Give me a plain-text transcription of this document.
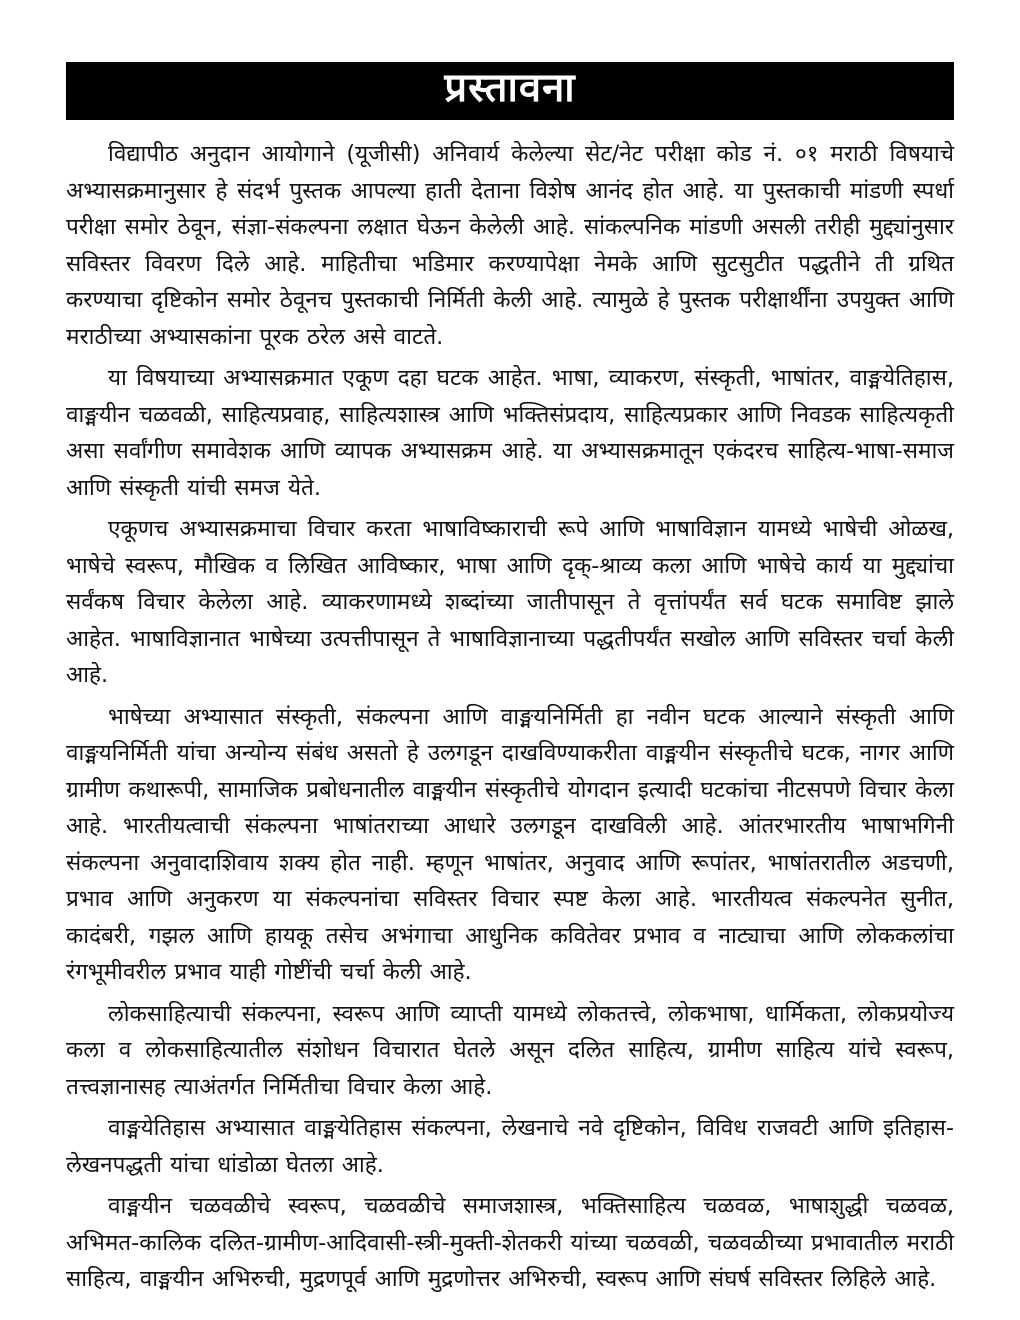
प्रस्तावना

विद्यापीठ अनुदान आयोगाने (यूजीसी) अनिवार्य केलेल्या सेट/नेट परीक्षा कोड नं. ०१ मराठी विषयाचे अभ्यासक्रमानुसार हे संदर्भ पुस्तक आपल्या हाती देताना विशेष आनंद होत आहे. या पुस्तकाची मांडणी स्पर्धा परीक्षा समोर ठेवून, संज्ञा-संकल्पना लक्षात घेऊन केलेली आहे. सांकल्पनिक मांडणी असली तरीही मुद्द्यांनुसार सविस्तर विवरण दिले आहे. माहितीचा भडिमार करण्यापेक्षा नेमके आणि सुटसुटीत पद्धतीने ती ग्रथित करण्याचा दृष्टिकोन समोर ठेवूनच पुस्तकाची निर्मिती केली आहे. त्यामुळे हे पुस्तक परीक्षार्थींना उपयुक्त आणि मराठीच्या अभ्यासकांना पूरक ठरेल असे वाटते.

या विषयाच्या अभ्यासक्रमात एकूण दहा घटक आहेत. भाषा, व्याकरण, संस्कृती, भाषांतर, वाङ्मयेतिहास, वाङ्मयीन चळवळी, साहित्यप्रवाह, साहित्यशास्त्र आणि भक्तिसंप्रदाय, साहित्यप्रकार आणि निवडक साहित्यकृती असा सर्वांगीण समावेशक आणि व्यापक अभ्यासक्रम आहे. या अभ्यासक्रमातून एकंदरच साहित्य-भाषा-समाज आणि संस्कृती यांची समज येते.

एकूणच अभ्यासक्रमाचा विचार करता भाषाविष्काराची रूपे आणि भाषाविज्ञान यामध्ये भाषेची ओळख, भाषेचे स्वरूप, मौखिक व लिखित आविष्कार, भाषा आणि दृक्-श्राव्य कला आणि भाषेचे कार्य या मुद्द्यांचा सर्वंकष विचार केलेला आहे. व्याकरणामध्ये शब्दांच्या जातीपासून ते वृत्तांपर्यंत सर्व घटक समाविष्ट झाले आहेत. भाषाविज्ञानात भाषेच्या उत्पत्तीपासून ते भाषाविज्ञानाच्या पद्धतीपर्यंत सखोल आणि सविस्तर चर्चा केली आहे.

भाषेच्या अभ्यासात संस्कृती, संकल्पना आणि वाङ्मयनिर्मिती हा नवीन घटक आल्याने संस्कृती आणि वाङ्मयनिर्मिती यांचा अन्योन्य संबंध असतो हे उलगडून दाखविण्याकरीता वाङ्मयीन संस्कृतीचे घटक, नागर आणि ग्रामीण कथारूपी, सामाजिक प्रबोधनातील वाङ्मयीन संस्कृतीचे योगदान इत्यादी घटकांचा नीटसपणे विचार केला आहे. भारतीयत्वाची संकल्पना भाषांतराच्या आधारे उलगडून दाखविली आहे. आंतरभारतीय भाषाभगिनी संकल्पना अनुवादाशिवाय शक्य होत नाही. म्हणून भाषांतर, अनुवाद आणि रूपांतर, भाषांतरातील अडचणी, प्रभाव आणि अनुकरण या संकल्पनांचा सविस्तर विचार स्पष्ट केला आहे. भारतीयत्व संकल्पनेत सुनीत, कादंबरी, गझल आणि हायकू तसेच अभंगाचा आधुनिक कवितेवर प्रभाव व नाट्याचा आणि लोककलांचा रंगभूमीवरील प्रभाव याही गोष्टींची चर्चा केली आहे.

लोकसाहित्याची संकल्पना, स्वरूप आणि व्याप्ती यामध्ये लोकतत्त्वे, लोकभाषा, धार्मिकता, लोकप्रयोज्य कला व लोकसाहित्यातील संशोधन विचारात घेतले असून दलित साहित्य, ग्रामीण साहित्य यांचे स्वरूप, तत्त्वज्ञानासह त्याअंतर्गत निर्मितीचा विचार केला आहे.

वाङ्मयेतिहास अभ्यासात वाङ्मयेतिहास संकल्पना, लेखनाचे नवे दृष्टिकोन, विविध राजवटी आणि इतिहास-लेखनपद्धती यांचा धांडोळा घेतला आहे.

वाङ्मयीन चळवळीचे स्वरूप, चळवळीचे समाजशास्त्र, भक्तिसाहित्य चळवळ, भाषाशुद्धी चळवळ, अभिमत-कालिक दलित-ग्रामीण-आदिवासी-स्त्री-मुक्ती-शेतकरी यांच्या चळवळी, चळवळीच्या प्रभावातील मराठी साहित्य, वाङ्मयीन अभिरुची, मुद्रणपूर्व आणि मुद्रणोत्तर अभिरुची, स्वरूप आणि संघर्ष सविस्तर लिहिले आहे.
